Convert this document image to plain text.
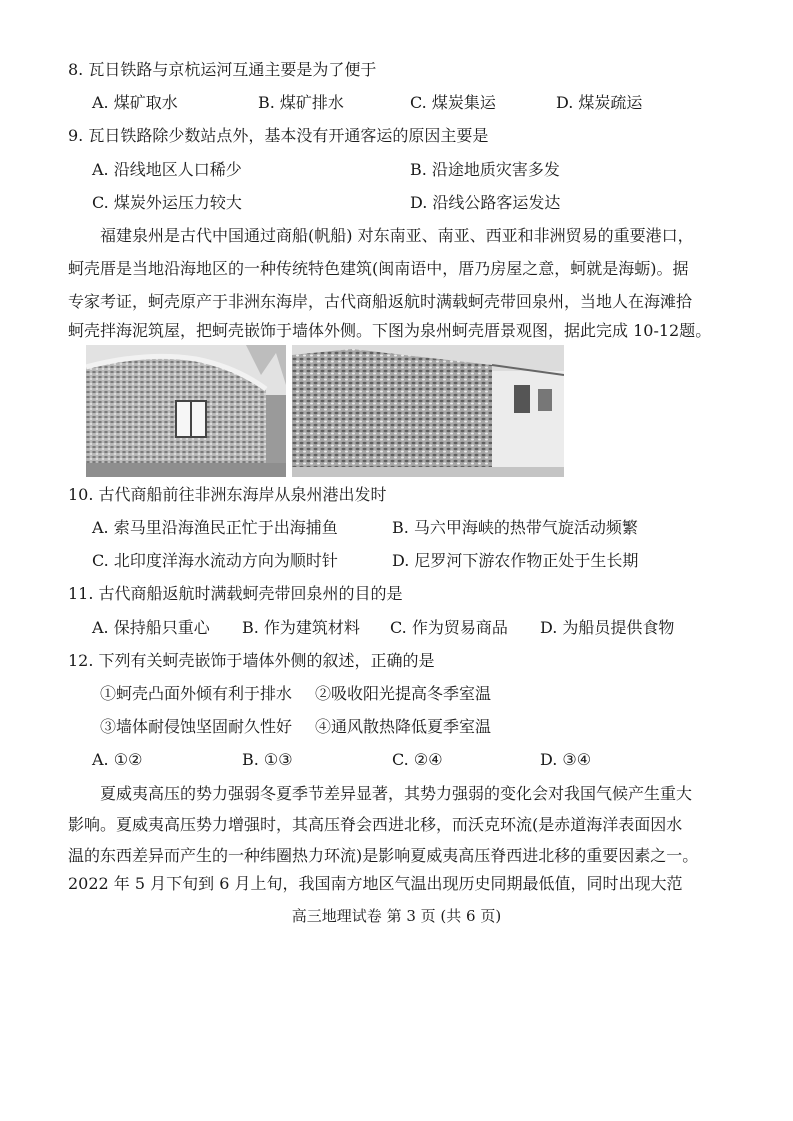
8. 瓦日铁路与京杭运河互通主要是为了便于
A. 煤矿取水	B. 煤矿排水	C. 煤炭集运	D. 煤炭疏运
9. 瓦日铁路除少数站点外，基本没有开通客运的原因主要是
A. 沿线地区人口稀少	B. 沿途地质灾害多发
C. 煤炭外运压力较大	D. 沿线公路客运发达
福建泉州是古代中国通过商船(帆船) 对东南亚、南亚、西亚和非洲贸易的重要港口，
蚵壳厝是当地沿海地区的一种传统特色建筑(闽南语中，厝乃房屋之意，蚵就是海蛎)。据
专家考证，蚵壳原产于非洲东海岸，古代商船返航时满载蚵壳带回泉州，当地人在海滩拾
蚵壳拌海泥筑屋，把蚵壳嵌饰于墙体外侧。下图为泉州蚵壳厝景观图，据此完成 10-12题。
10. 古代商船前往非洲东海岸从泉州港出发时
A. 索马里沿海渔民正忙于出海捕鱼	B. 马六甲海峡的热带气旋活动频繁
C. 北印度洋海水流动方向为顺时针	D. 尼罗河下游农作物正处于生长期
11. 古代商船返航时满载蚵壳带回泉州的目的是
A. 保持船只重心 B. 作为建筑材料 C. 作为贸易商品 D. 为船员提供食物
12. 下列有关蚵壳嵌饰于墙体外侧的叙述，正确的是
①蚵壳凸面外倾有利于排水 ②吸收阳光提高冬季室温
③墙体耐侵蚀坚固耐久性好 ④通风散热降低夏季室温
A. ①②	B. ①③	C. ②④	D. ③④
夏威夷高压的势力强弱冬夏季节差异显著，其势力强弱的变化会对我国气候产生重大
影响。夏威夷高压势力增强时，其高压脊会西进北移，而沃克环流(是赤道海洋表面因水
温的东西差异而产生的一种纬圈热力环流)是影响夏威夷高压脊西进北移的重要因素之一。
2022 年 5 月下旬到 6 月上旬，我国南方地区气温出现历史同期最低值，同时出现大范
高三地理试卷 第 3 页 (共 6 页)
